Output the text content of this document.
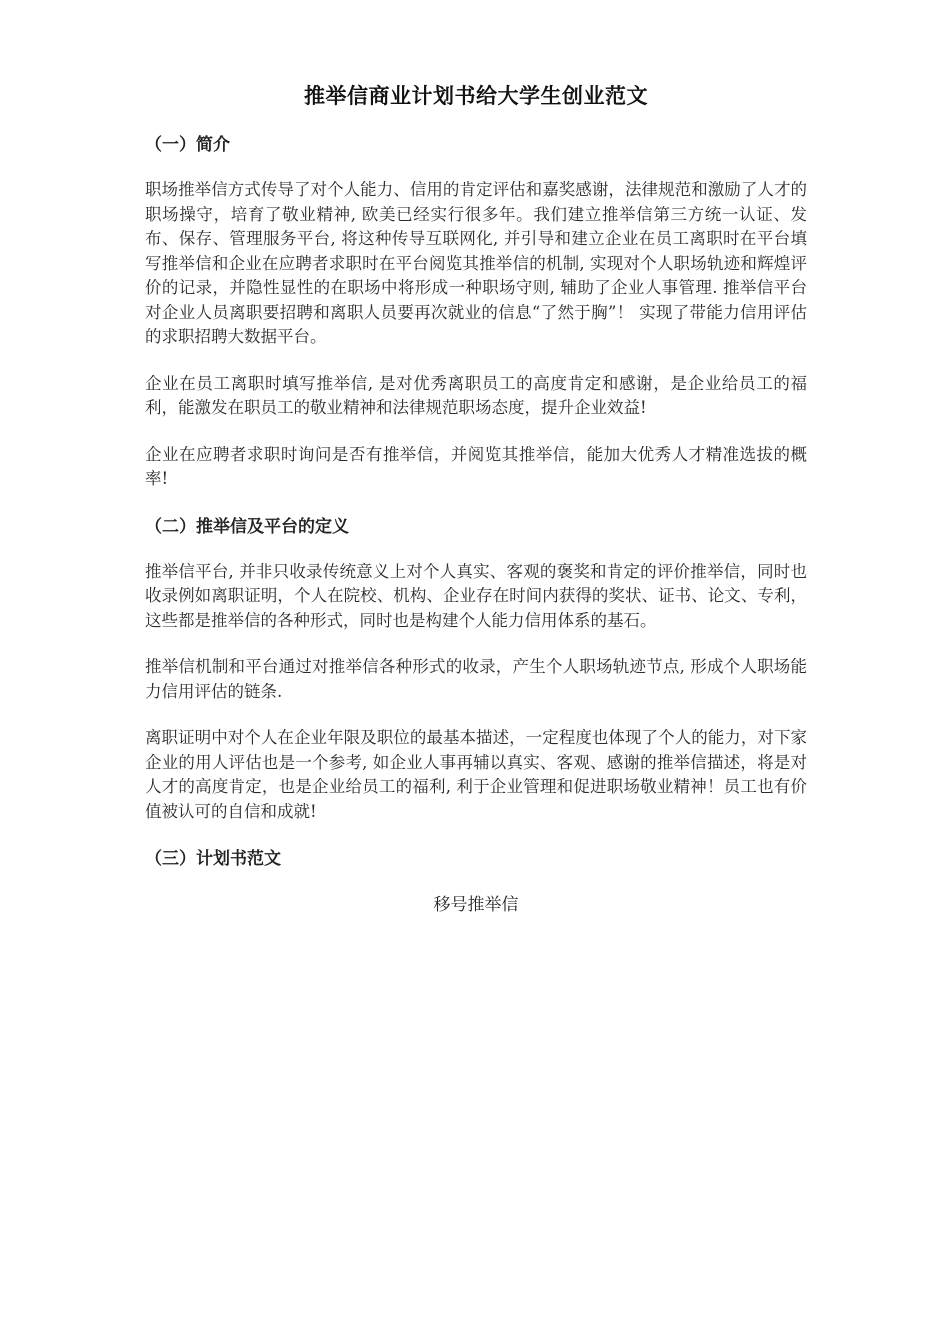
推举信商业计划书给大学生创业范文
（一）简介

职场推举信方式传导了对个人能力、信用的肯定评估和嘉奖感谢，法律规范和激励了人才的职场操守，培育了敬业精神, 欧美已经实行很多年。我们建立推举信第三方统一认证、发布、保存、管理服务平台, 将这种传导互联网化, 并引导和建立企业在员工离职时在平台填写推举信和企业在应聘者求职时在平台阅览其推举信的机制, 实现对个人职场轨迹和辉煌评价的记录，并隐性显性的在职场中将形成一种职场守则, 辅助了企业人事管理. 推举信平台对企业人员离职要招聘和离职人员要再次就业的信息“了然于胸”！ 实现了带能力信用评估的求职招聘大数据平台。

企业在员工离职时填写推举信, 是对优秀离职员工的高度肯定和感谢，是企业给员工的福利，能激发在职员工的敬业精神和法律规范职场态度，提升企业效益!

企业在应聘者求职时询问是否有推举信，并阅览其推举信，能加大优秀人才精准选拔的概率!

（二）推举信及平台的定义

推举信平台, 并非只收录传统意义上对个人真实、客观的褒奖和肯定的评价推举信，同时也收录例如离职证明，个人在院校、机构、企业存在时间内获得的奖状、证书、论文、专利，这些都是推举信的各种形式，同时也是构建个人能力信用体系的基石。

推举信机制和平台通过对推举信各种形式的收录，产生个人职场轨迹节点, 形成个人职场能力信用评估的链条.

离职证明中对个人在企业年限及职位的最基本描述，一定程度也体现了个人的能力，对下家企业的用人评估也是一个参考, 如企业人事再辅以真实、客观、感谢的推举信描述，将是对人才的高度肯定，也是企业给员工的福利, 利于企业管理和促进职场敬业精神！员工也有价值被认可的自信和成就!

（三）计划书范文

移号推举信
